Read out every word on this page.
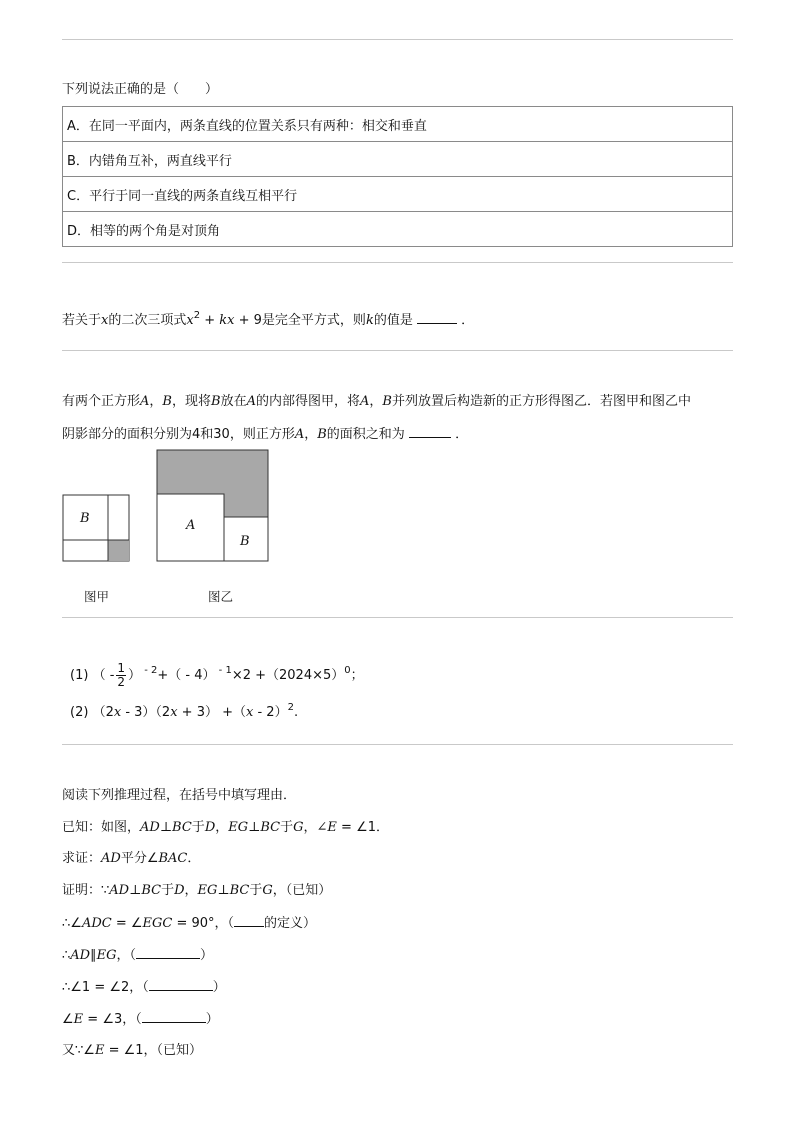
下列说法正确的是（　　）
A．在同一平面内，两条直线的位置关系只有两种：相交和垂直
B．内错角互补，两直线平行
C．平行于同一直线的两条直线互相平行
D．相等的两个角是对顶角
若关于x的二次三项式$x^2$ + kx + 9是完全平方式，则k的值是	．
有两个正方形A，B，现将B放在A的内部得图甲，将A，B并列放置后构造新的正方形得图乙．若图甲和图乙中
阴影部分的面积分别为4和30，则正方形A，B的面积之和为	．
B	A
B
图甲	图乙
(1) （ - $\frac{1}{2}$ ） $^{- 2}$+（ - 4） $^{- 1}\times 2 +(2024\times 5)^0$；
(2) （2x - 3）（2x + 3） +（x - 2）$^2$.
阅读下列推理过程，在括号中填写理由．
已知：如图，AD⊥BC于D，EG⊥BC于G，∠E = ∠1．
求证：AD平分∠BAC．
证明：∵AD⊥BC于D，EG⊥BC于G，（已知）
∴∠ADC = ∠EGC = 90°，（ 的定义）
∴AD∥EG，（	）
∴∠1 = ∠2，（	）
∠E = ∠3，（	）
又∵∠E = ∠1，（已知）
